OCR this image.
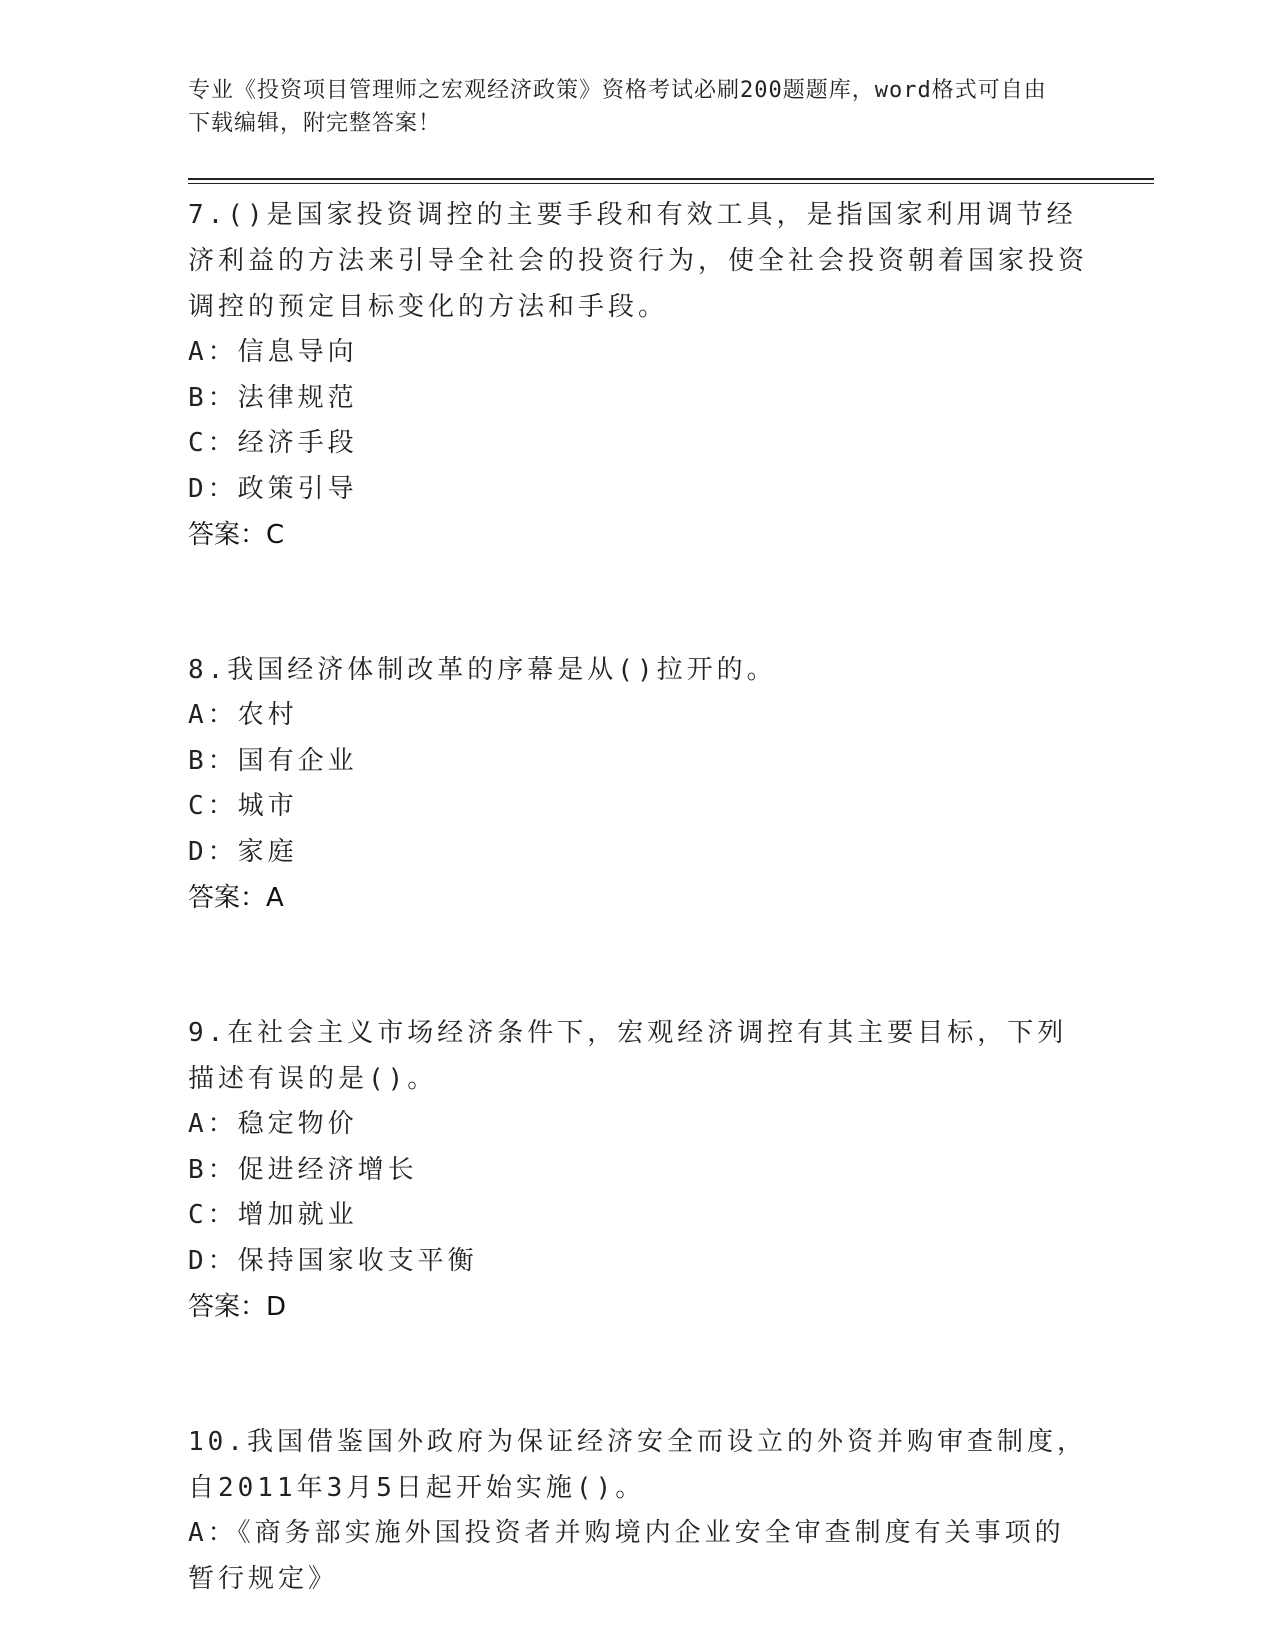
专业《投资项目管理师之宏观经济政策》资格考试必刷200题题库，word格式可自由下载编辑，附完整答案！

7.()是国家投资调控的主要手段和有效工具，是指国家利用调节经济利益的方法来引导全社会的投资行为，使全社会投资朝着国家投资调控的预定目标变化的方法和手段。

A：信息导向

B：法律规范

C：经济手段

D：政策引导

答案：C

8.我国经济体制改革的序幕是从()拉开的。

A：农村

B：国有企业

C：城市

D：家庭

答案：A

9.在社会主义市场经济条件下，宏观经济调控有其主要目标，下列描述有误的是()。

A：稳定物价

B：促进经济增长

C：增加就业

D：保持国家收支平衡

答案：D

10.我国借鉴国外政府为保证经济安全而设立的外资并购审查制度，自2011年3月5日起开始实施()。

A：《商务部实施外国投资者并购境内企业安全审查制度有关事项的暂行规定》
